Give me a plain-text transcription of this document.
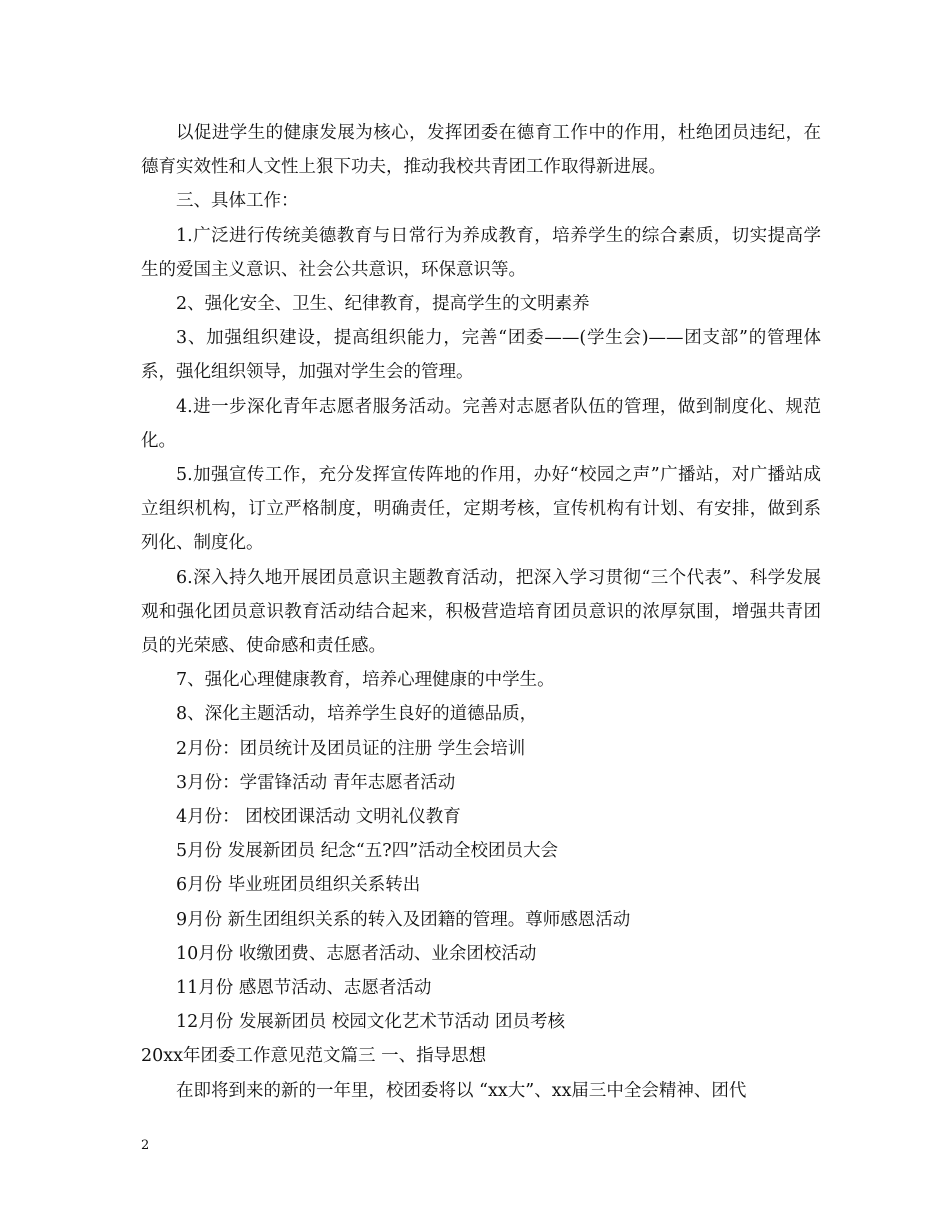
以促进学生的健康发展为核心，发挥团委在德育工作中的作用，杜绝团员违纪，在德育实效性和人文性上狠下功夫，推动我校共青团工作取得新进展。

三、具体工作：

1.广泛进行传统美德教育与日常行为养成教育，培养学生的综合素质，切实提高学生的爱国主义意识、社会公共意识，环保意识等。

2、强化安全、卫生、纪律教育，提高学生的文明素养

3、加强组织建设，提高组织能力，完善“团委——(学生会)——团支部”的管理体系，强化组织领导，加强对学生会的管理。

4.进一步深化青年志愿者服务活动。完善对志愿者队伍的管理，做到制度化、规范化。

5.加强宣传工作，充分发挥宣传阵地的作用，办好“校园之声”广播站，对广播站成立组织机构，订立严格制度，明确责任，定期考核，宣传机构有计划、有安排，做到系列化、制度化。

6.深入持久地开展团员意识主题教育活动，把深入学习贯彻“三个代表”、科学发展观和强化团员意识教育活动结合起来，积极营造培育团员意识的浓厚氛围，增强共青团员的光荣感、使命感和责任感。

7、强化心理健康教育，培养心理健康的中学生。

8、深化主题活动，培养学生良好的道德品质，

2月份：团员统计及团员证的注册 学生会培训

3月份：学雷锋活动 青年志愿者活动

4月份： 团校团课活动 文明礼仪教育

5月份 发展新团员 纪念“五?四”活动全校团员大会

6月份 毕业班团员组织关系转出

9月份 新生团组织关系的转入及团籍的管理。尊师感恩活动

10月份 收缴团费、志愿者活动、业余团校活动

11月份 感恩节活动、志愿者活动

12月份 发展新团员 校园文化艺术节活动 团员考核

20xx年团委工作意见范文篇三 一、指导思想

在即将到来的新的一年里，校团委将以 “xx大”、xx届三中全会精神、团代

2
